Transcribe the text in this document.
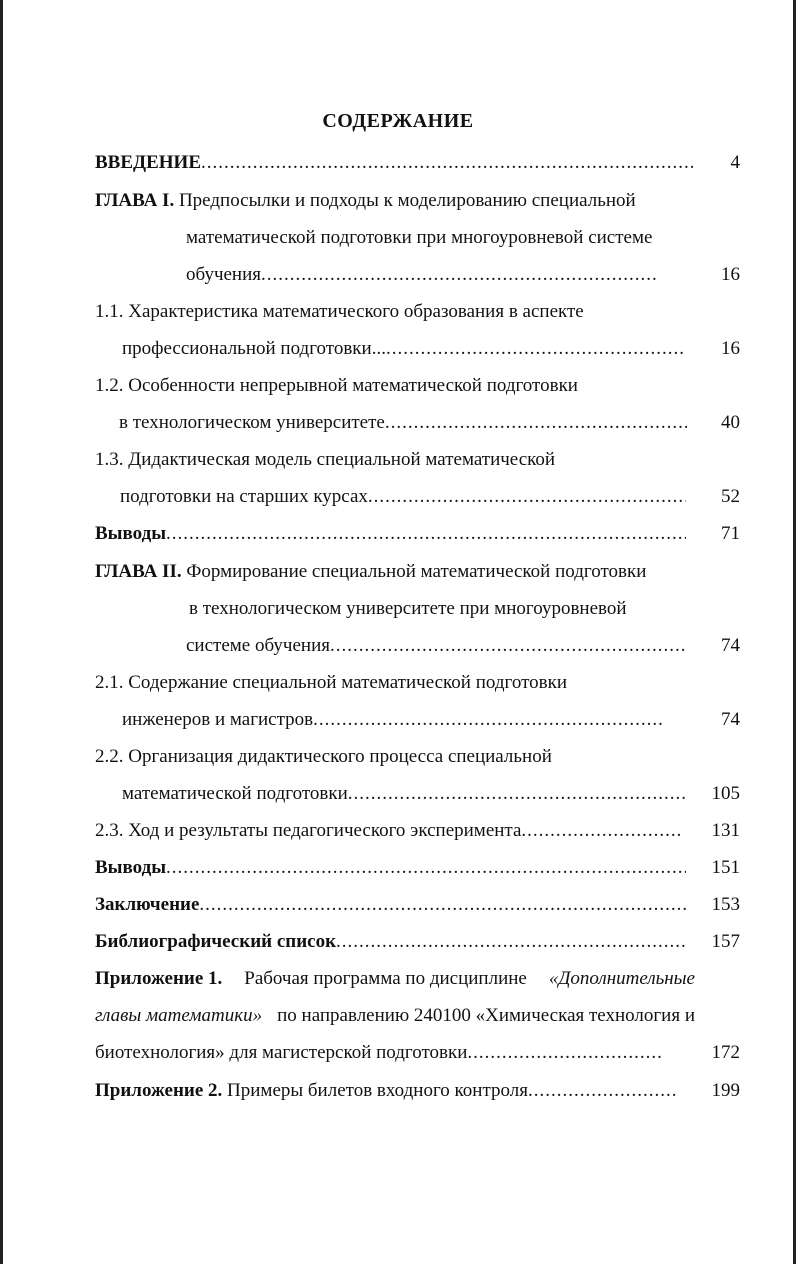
СОДЕРЖАНИЕ
ВВЕДЕНИЕ .....	4
ГЛАВА I. Предпосылки и подходы к моделированию специальной
математической подготовки при многоуровневой системе
обучения .....	16
1.1. Характеристика математического образования в аспекте
профессиональной подготовки... .....	16
1.2. Особенности непрерывной математической подготовки
в технологическом университете .....	40
1.3. Дидактическая модель специальной математической
подготовки на старших курсах .....	52
Выводы .....	71
ГЛАВА II. Формирование специальной математической подготовки
в технологическом университете при многоуровневой
системе обучения .....	74
2.1. Содержание специальной математической подготовки
инженеров и магистров .....	74
2.2. Организация дидактического процесса специальной
математической подготовки .....	105
2.3. Ход и результаты педагогического эксперимента .....	131
Выводы .....	151
Заключение .....	153
Библиографический список .....	157
Приложение 1. Рабочая программа по дисциплине «Дополнительные
главы математики» по направлению 240100 «Химическая технология и
биотехнология» для магистерской подготовки .....	172
Приложение 2. Примеры билетов входного контроля .....	199
